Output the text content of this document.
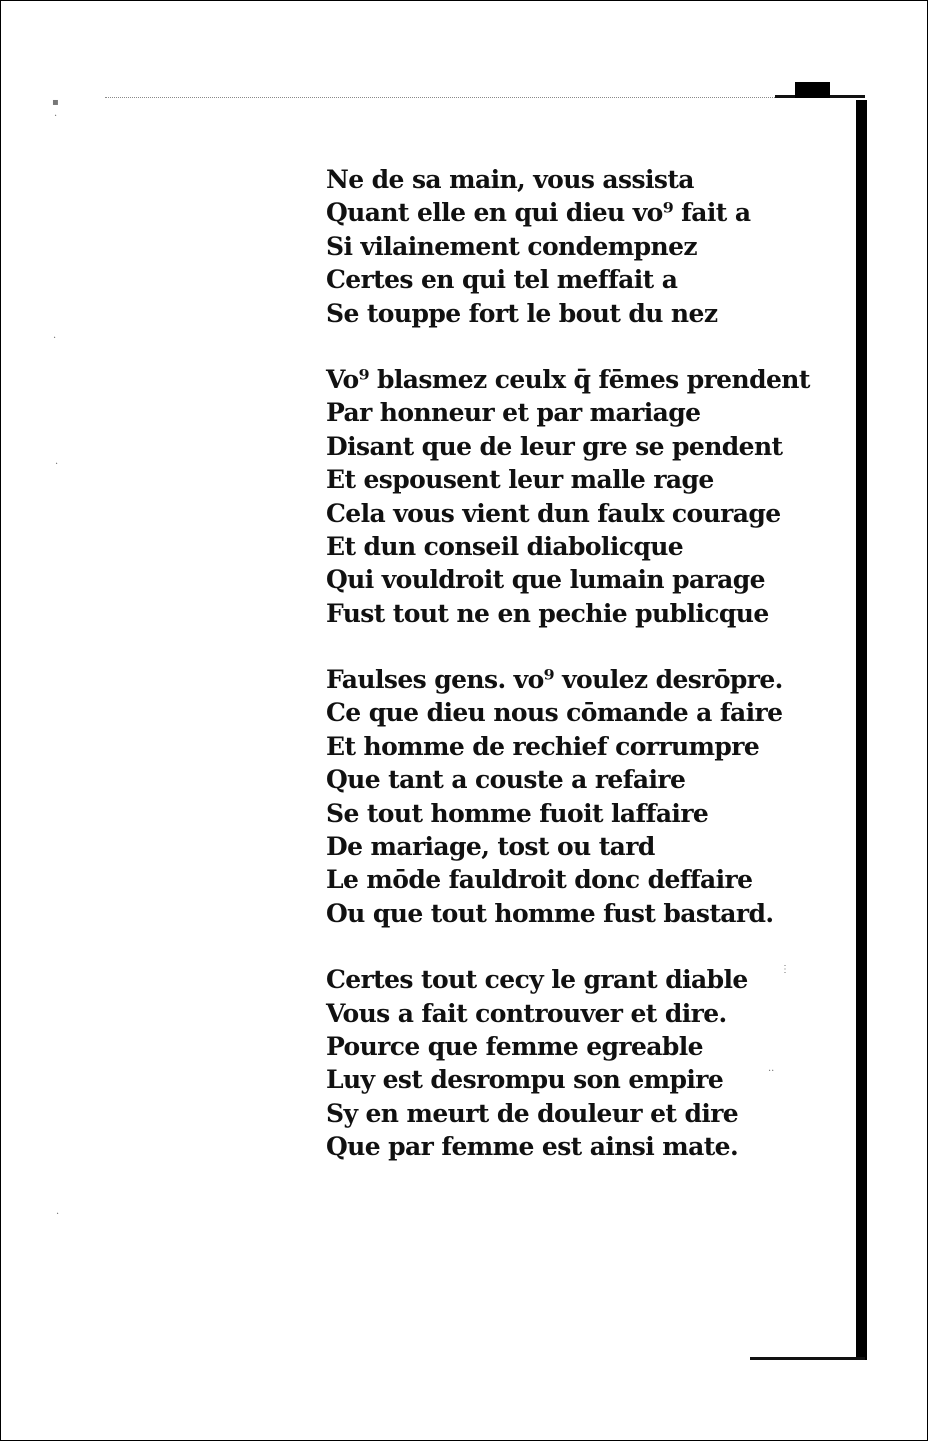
▪
·
·
·
·
⋮
··
Ne de sa main, vous assista
Quant elle en qui dieu vo⁹ fait a
Si vilainement condempnez
Certes en qui tel meffait a
Se touppe fort le bout du nez
Vo⁹ blasmez ceulx q̄ fēmes prendent
Par honneur et par mariage
Disant que de leur gre se pendent
Et espousent leur malle rage
Cela vous vient dun faulx courage
Et dun conseil diabolicque
Qui vouldroit que lumain parage
Fust tout ne en pechie publicque
Faulses gens. vo⁹ voulez desrōpre.
Ce que dieu nous cōmande a faire
Et homme de rechief corrumpre
Que tant a couste a refaire
Se tout homme fuoit laffaire
De mariage, tost ou tard
Le mōde fauldroit donc deffaire
Ou que tout homme fust bastard.
Certes tout cecy le grant diable
Vous a fait controuver et dire.
Pource que femme egreable
Luy est desrompu son empire
Sy en meurt de douleur et dire
Que par femme est ainsi mate.
